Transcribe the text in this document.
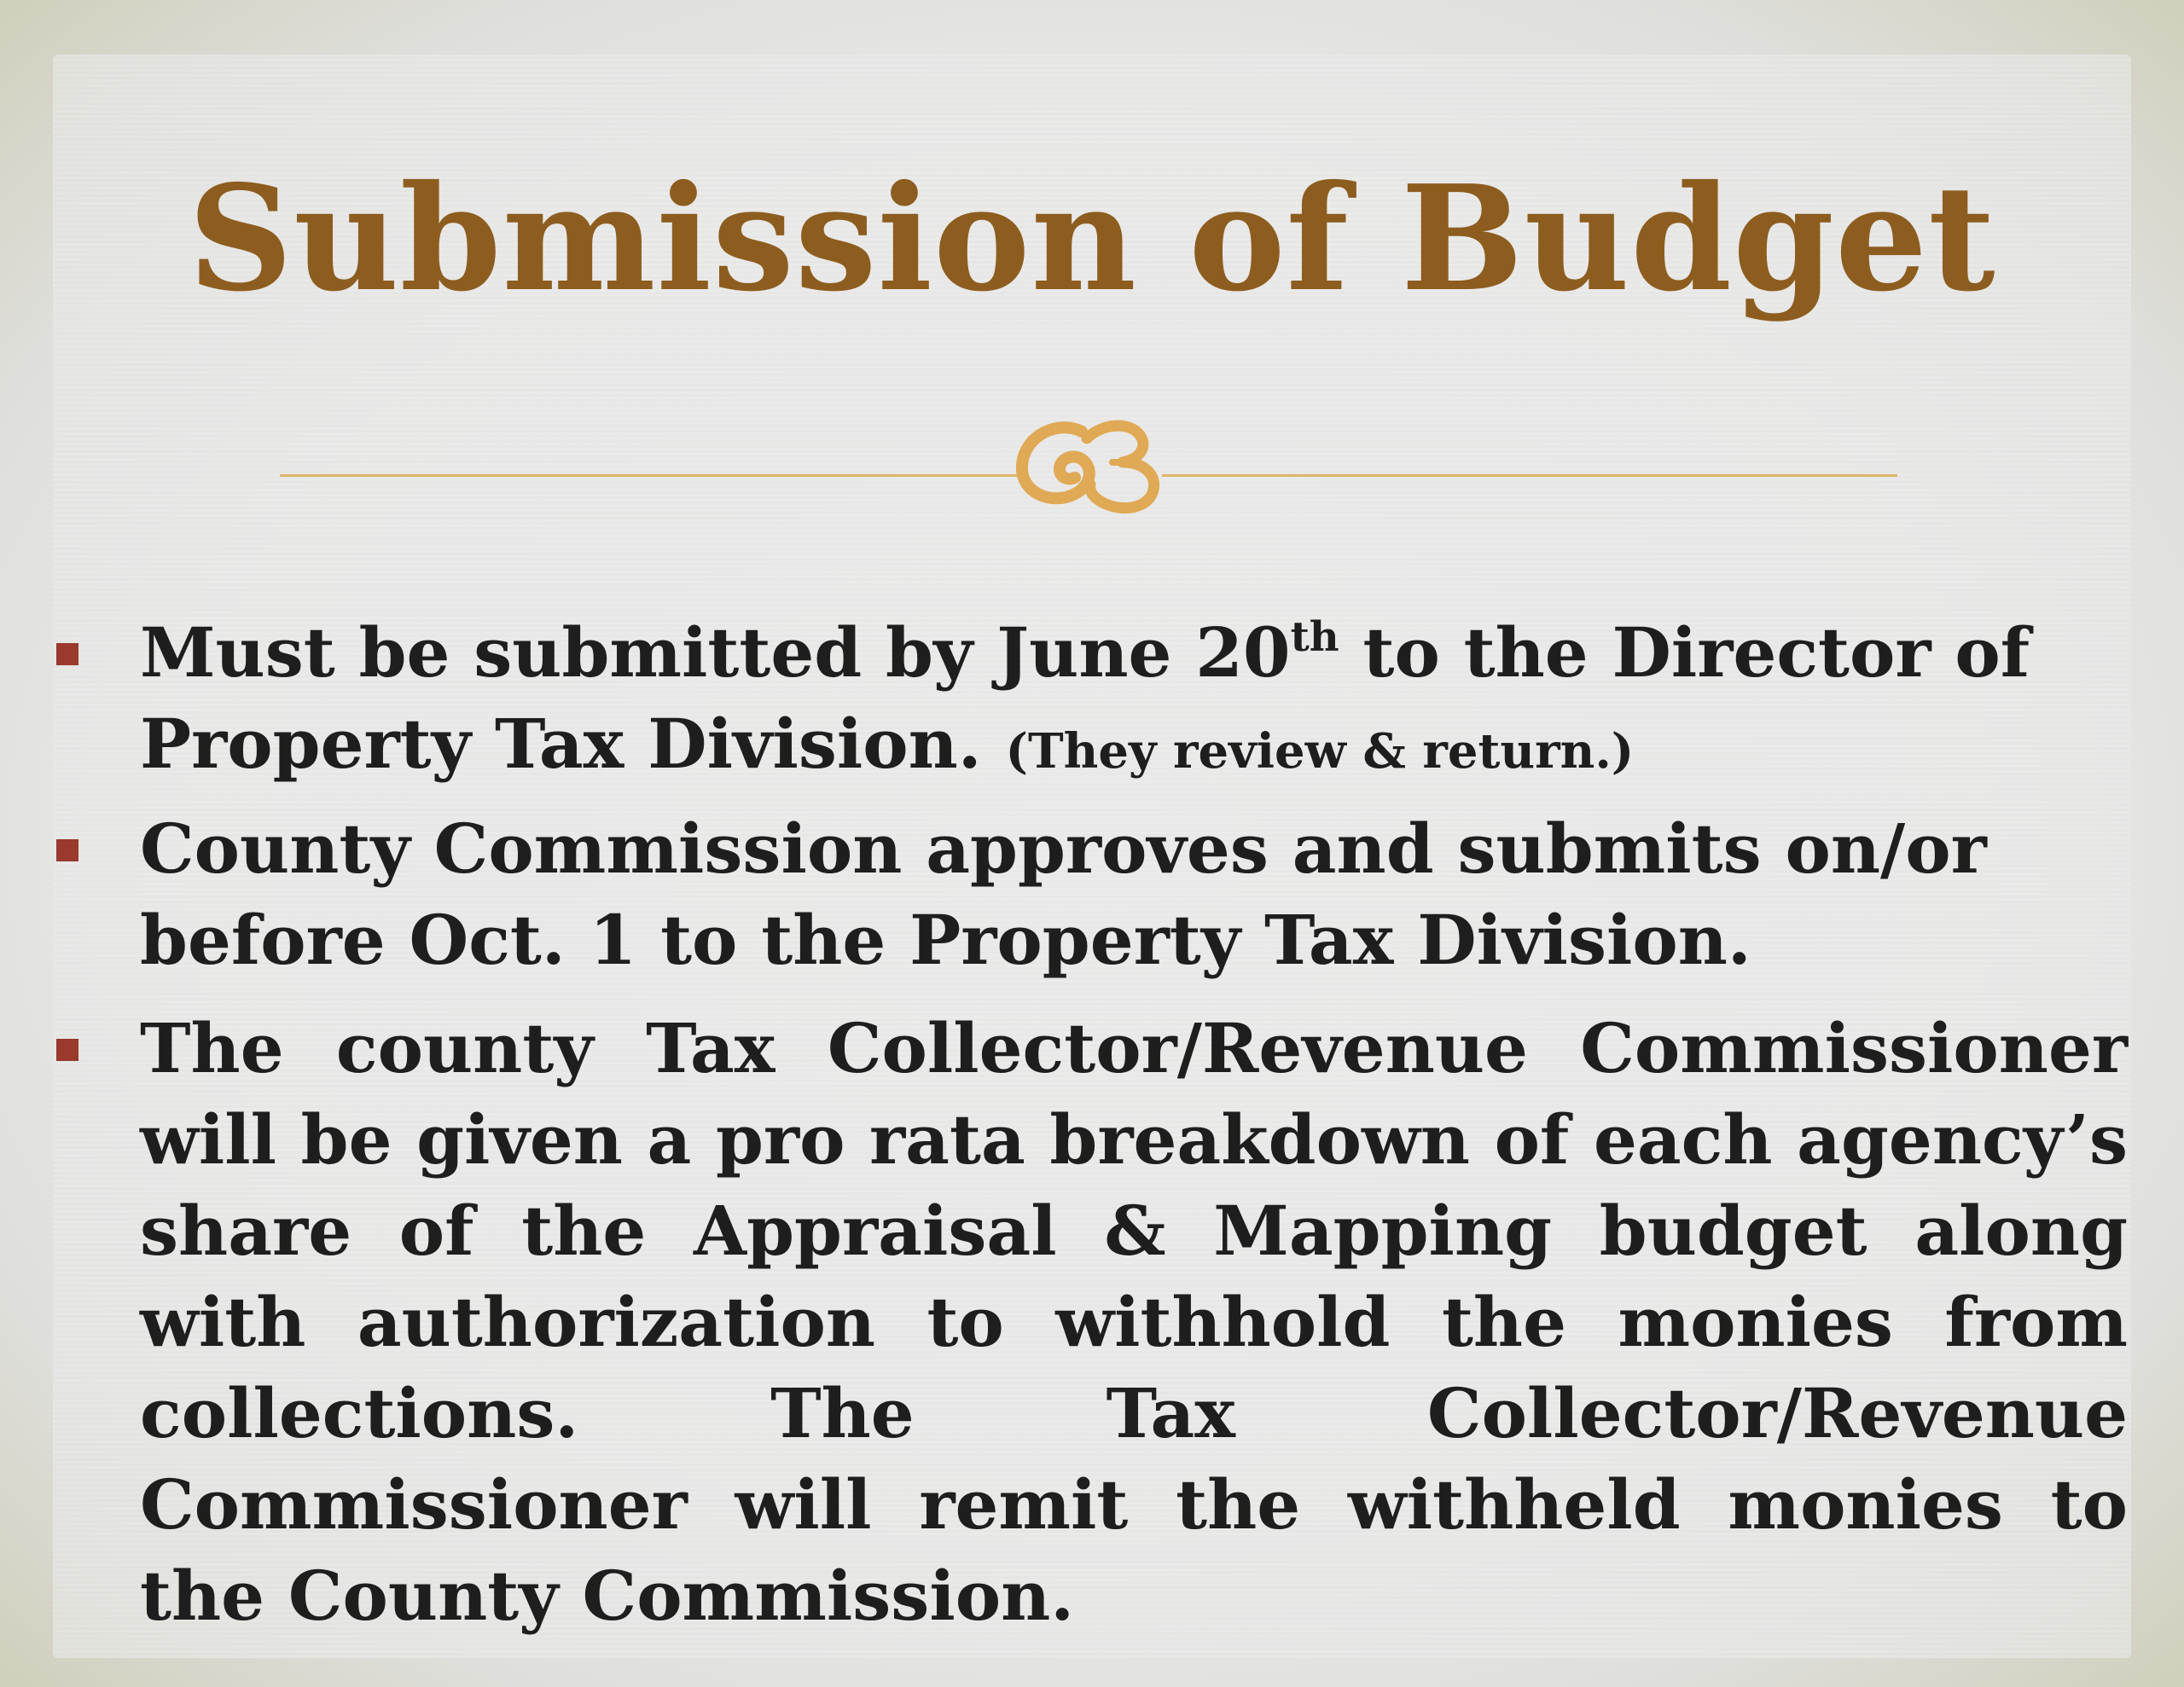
Submission of Budget

Must be submitted by June 20th to the Director of Property Tax Division. (They review & return.)

County Commission approves and submits on/or before Oct. 1 to the Property Tax Division.

The county Tax Collector/Revenue Commissioner will be given a pro rata breakdown of each agency’s share of the Appraisal & Mapping budget along with authorization to withhold the monies from collections. The Tax Collector/Revenue Commissioner will remit the withheld monies to the County Commission.
